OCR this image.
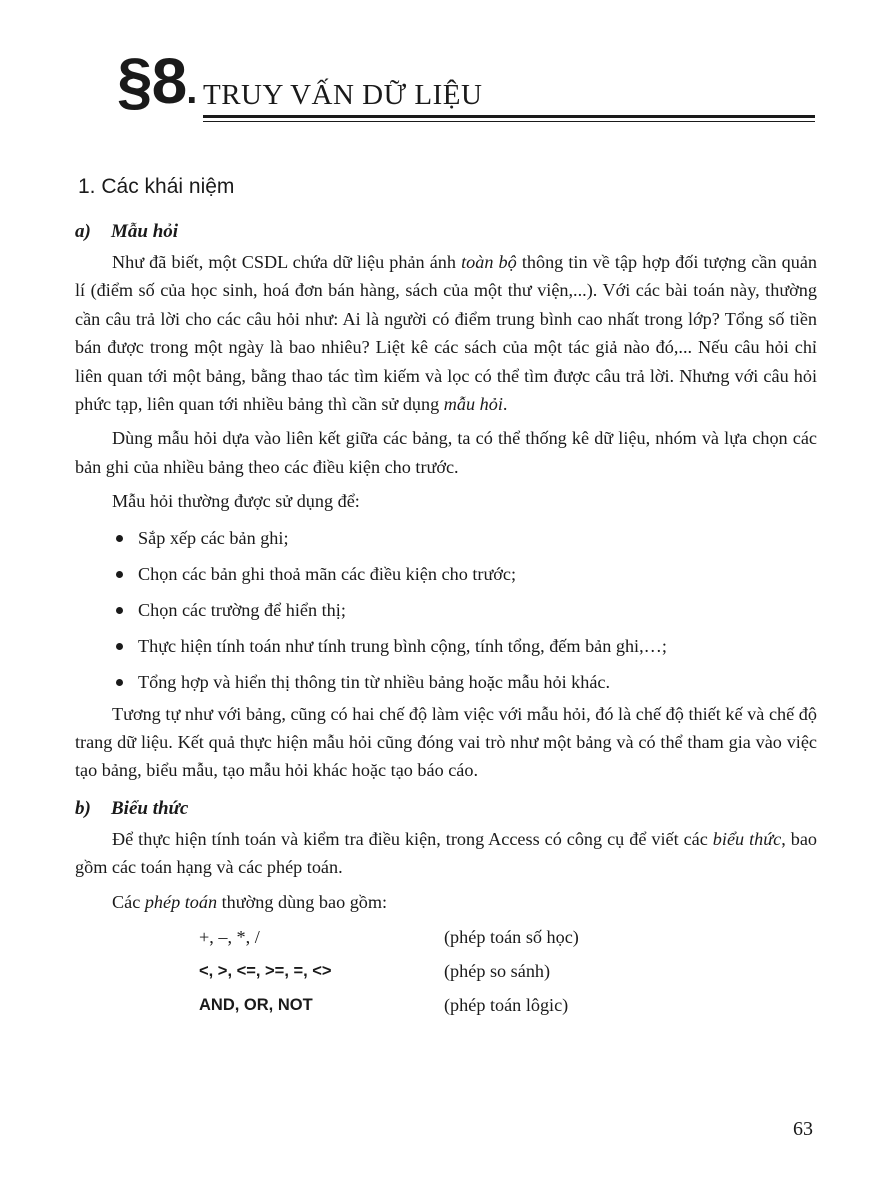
§8. TRUY VẤN DỮ LIỆU
1. Các khái niệm
a) Mẫu hỏi

Như đã biết, một CSDL chứa dữ liệu phản ánh toàn bộ thông tin về tập hợp đối tượng cần quản lí (điểm số của học sinh, hoá đơn bán hàng, sách của một thư viện,...). Với các bài toán này, thường cần câu trả lời cho các câu hỏi như: Ai là người có điểm trung bình cao nhất trong lớp? Tổng số tiền bán được trong một ngày là bao nhiêu? Liệt kê các sách của một tác giả nào đó,... Nếu câu hỏi chỉ liên quan tới một bảng, bằng thao tác tìm kiếm và lọc có thể tìm được câu trả lời. Nhưng với câu hỏi phức tạp, liên quan tới nhiều bảng thì cần sử dụng mẫu hỏi.

Dùng mẫu hỏi dựa vào liên kết giữa các bảng, ta có thể thống kê dữ liệu, nhóm và lựa chọn các bản ghi của nhiều bảng theo các điều kiện cho trước.

Mẫu hỏi thường được sử dụng để:

Sắp xếp các bản ghi;
Chọn các bản ghi thoả mãn các điều kiện cho trước;
Chọn các trường để hiển thị;
Thực hiện tính toán như tính trung bình cộng, tính tổng, đếm bản ghi,…;
Tổng hợp và hiển thị thông tin từ nhiều bảng hoặc mẫu hỏi khác.

Tương tự như với bảng, cũng có hai chế độ làm việc với mẫu hỏi, đó là chế độ thiết kế và chế độ trang dữ liệu. Kết quả thực hiện mẫu hỏi cũng đóng vai trò như một bảng và có thể tham gia vào việc tạo bảng, biểu mẫu, tạo mẫu hỏi khác hoặc tạo báo cáo.

b) Biểu thức

Để thực hiện tính toán và kiểm tra điều kiện, trong Access có công cụ để viết các biểu thức, bao gồm các toán hạng và các phép toán.

Các phép toán thường dùng bao gồm:

+, –, *, /	(phép toán số học)
<, >, <=, >=, =, <>	(phép so sánh)
AND, OR, NOT	(phép toán lôgic)
63
